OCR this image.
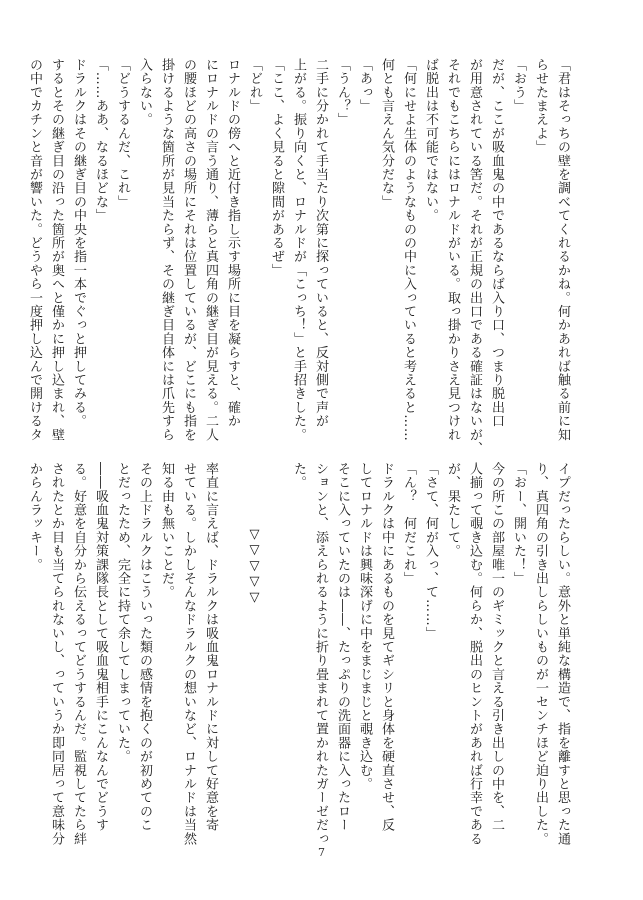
「君はそっちの壁を調べてくれるかね。何かあれば触る前に知
らせたまえよ」
「おう」
だが、ここが吸血鬼の中であるならば入り口、つまり脱出口
が用意されている筈だ。それが正規の出口である確証はないが、
それでもこちらにはロナルドがいる。取っ掛かりさえ見つけれ
ば脱出は不可能ではない。
「何にせよ生体のようなものの中に入っていると考えると……
何とも言えん気分だな」
「あっ」
「うん？」
二手に分かれて手当たり次第に探っていると、反対側で声が
上がる。振り向くと、ロナルドが「こっち！」と手招きした。
「ここ、よく見ると隙間があるぜ」
「どれ」
ロナルドの傍へと近付き指し示す場所に目を凝らすと、確か
にロナルドの言う通り、薄らと真四角の継ぎ目が見える。二人
の腰ほどの高さの場所にそれは位置しているが、どこにも指を
掛けるような箇所が見当たらず、その継ぎ目自体には爪先すら
入らない。
「どうするんだ、これ」
「……ああ、なるほどな」
ドラルクはその継ぎ目の中央を指一本でぐっと押してみる。
するとその継ぎ目の沿った箇所が奥へと僅かに押し込まれ、壁
の中でカチンと音が響いた。どうやら一度押し込んで開けるタ
イプだったらしい。意外と単純な構造で、指を離すと思った通
り、真四角の引き出しらしいものが一センチほど迫り出した。
「おー、開いた！」
今の所この部屋唯一のギミックと言える引き出しの中を、二
人揃って覗き込む。何らか、脱出のヒントがあれば行幸である
が、果たして。
「さて、何が入っ、て……」
「ん？　何だこれ」
ドラルクは中にあるものを見てギシリと身体を硬直させ、反
してロナルドは興味深げに中をまじまじと覗き込む。
そこに入っていたのは――、たっぷりの洗面器に入ったロー
ションと、添えられるように折り畳まれて置かれたガーゼだっ
た。

▽▽▽▽▽

率直に言えば、ドラルクは吸血鬼ロナルドに対して好意を寄
せている。しかしそんなドラルクの想いなど、ロナルドは当然
知る由も無いことだ。
その上ドラルクはこういった類の感情を抱くのが初めてのこ
とだったため、完全に持て余してしまっていた。
――吸血鬼対策課隊長として吸血鬼相手にこんなんでどうす
る。好意を自分から伝えるってどうするんだ。監視してたら絆
されたとか目も当てられないし、っていうか即同居って意味分
からんラッキー。
7
